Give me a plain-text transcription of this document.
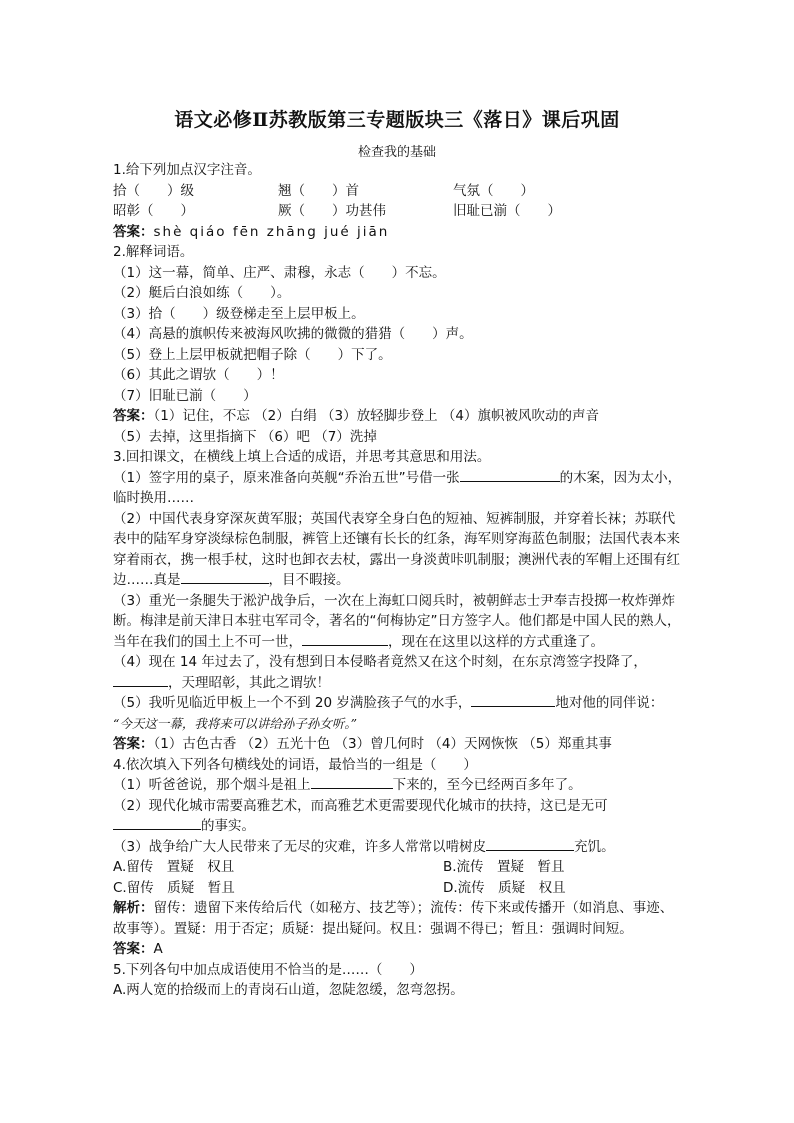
语文必修Ⅱ苏教版第三专题版块三《落日》课后巩固
检查我的基础
1.给下列加点汉字注音。
拾（　　）级	翘（　　）首	气氛（　　）
昭彰（　　）	厥（　　）功甚伟	旧耻已湔（　　）
答案：shè qiáo fēn zhāng jué jiān
2.解释词语。
（1）这一幕，简单、庄严、肃穆，永志（　　）不忘。
（2）艇后白浪如练（　　）。
（3）拾（　　）级登梯走至上层甲板上。
（4）高悬的旗帜传来被海风吹拂的微微的猎猎（　　）声。
（5）登上上层甲板就把帽子除（　　）下了。
（6）其此之谓欤（　　）！
（7）旧耻已湔（　　）
答案：（1）记住，不忘 （2）白绢 （3）放轻脚步登上 （4）旗帜被风吹动的声音
（5）去掉，这里指摘下 （6）吧 （7）洗掉
3.回扣课文，在横线上填上合适的成语，并思考其意思和用法。
（1）签字用的桌子，原来准备向英舰“乔治五世”号借一张	的木案，因为太小，临时换用……
（2）中国代表身穿深灰黄军服；英国代表穿全身白色的短袖、短裤制服，并穿着长袜；苏联代表中的陆军身穿淡绿棕色制服，裤管上还镶有长长的红条，海军则穿海蓝色制服；法国代表本来穿着雨衣，携一根手杖，这时也卸衣去杖，露出一身淡黄咔叽制服；澳洲代表的军帽上还围有红边……真是	，目不暇接。
（3）重光一条腿失于淞沪战争后，一次在上海虹口阅兵时，被朝鲜志士尹奉吉投掷一枚炸弹炸断。梅津是前天津日本驻屯军司令，著名的“何梅协定”日方签字人。他们都是中国人民的熟人，当年在我们的国土上不可一世，	，现在在这里以这样的方式重逢了。
（4）现在 14 年过去了，没有想到日本侵略者竟然又在这个时刻，在东京湾签字投降了，，天理昭彰，其此之谓欤！
（5）我听见临近甲板上一个不到 20 岁满脸孩子气的水手，	地对他的同伴说：
“今天这一幕，我将来可以讲给孙子孙女听。”
答案：（1）古色古香 （2）五光十色 （3）曾几何时 （4）天网恢恢 （5）郑重其事
4.依次填入下列各句横线处的词语，最恰当的一组是（　　）
（1）听爸爸说，那个烟斗是祖上	下来的，至今已经两百多年了。
（2）现代化城市需要高雅艺术，而高雅艺术更需要现代化城市的扶持，这已是无可的事实。
（3）战争给广大人民带来了无尽的灾难，许多人常常以啃树皮	充饥。
A.留传　置疑　权且	B.流传　置疑　暂且
C.留传　质疑　暂且	D.流传　质疑　权且
解析：留传：遗留下来传给后代（如秘方、技艺等）；流传：传下来或传播开（如消息、事迹、故事等）。置疑：用于否定；质疑：提出疑问。权且：强调不得已；暂且：强调时间短。
答案：A
5.下列各句中加点成语使用不恰当的是……（　　）
A.两人宽的拾级而上的青岗石山道，忽陡忽缓，忽弯忽拐。
